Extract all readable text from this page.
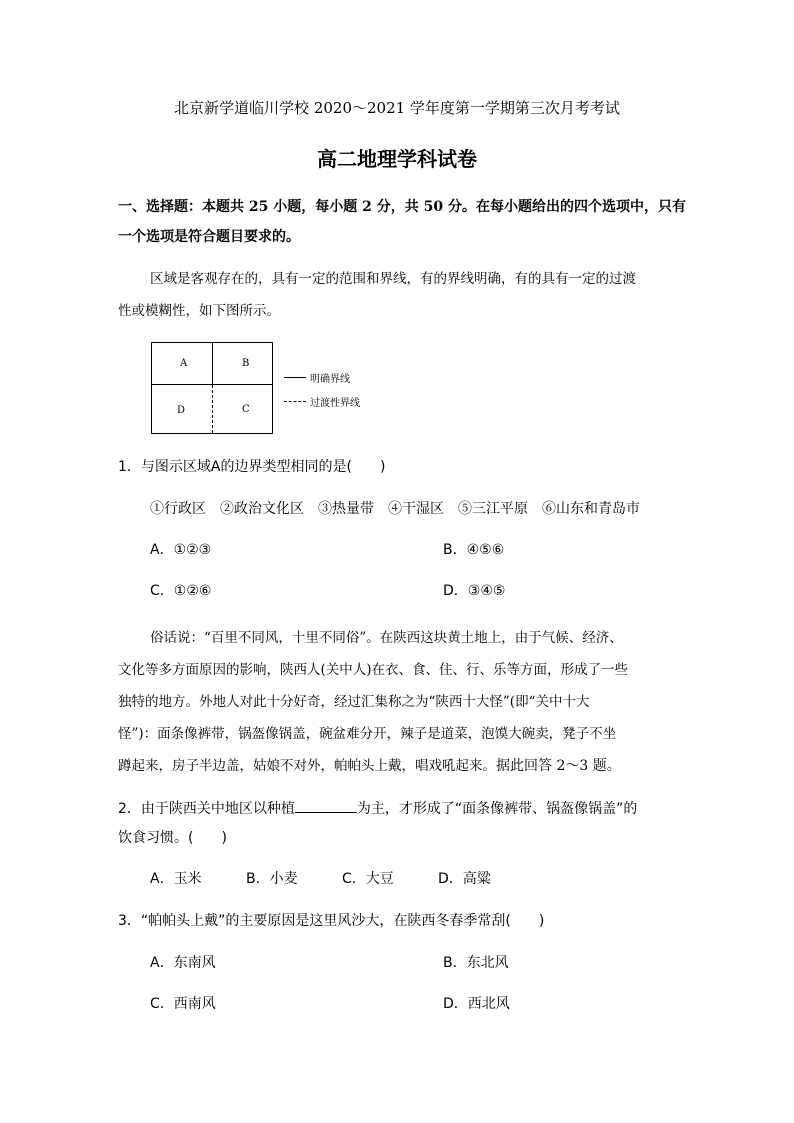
北京新学道临川学校 2020～2021 学年度第一学期第三次月考考试
高二地理学科试卷
一、选择题：本题共 25 小题，每小题 2 分，共 50 分。在每小题给出的四个选项中，只有
一个选项是符合题目要求的。
区域是客观存在的，具有一定的范围和界线，有的界线明确，有的具有一定的过渡
性或模糊性，如下图所示。
A	B
D	C
明确界线
过渡性界线
1．与图示区域A的边界类型相同的是(　　)
①行政区　②政治文化区　③热量带　④干湿区　⑤三江平原　⑥山东和青岛市
A．①②③	B．④⑤⑥
C．①②⑥	D．③④⑤
俗话说：“百里不同风，十里不同俗”。在陕西这块黄土地上，由于气候、经济、
文化等多方面原因的影响，陕西人(关中人)在衣、食、住、行、乐等方面，形成了一些
独特的地方。外地人对此十分好奇，经过汇集称之为“陕西十大怪”(即“关中十大
怪”)：面条像裤带，锅盔像锅盖，碗盆难分开，辣子是道菜，泡馍大碗卖，凳子不坐
蹲起来，房子半边盖，姑娘不对外，帕帕头上戴，唱戏吼起来。据此回答 2～3 题。
2．由于陕西关中地区以种植	为主，才形成了“面条像裤带、锅盔像锅盖”的
饮食习惯。(　　)
A．玉米	B．小麦	C．大豆	D．高粱
3．“帕帕头上戴”的主要原因是这里风沙大，在陕西冬春季常刮(　　)
A．东南风	B．东北风
C．西南风	D．西北风
